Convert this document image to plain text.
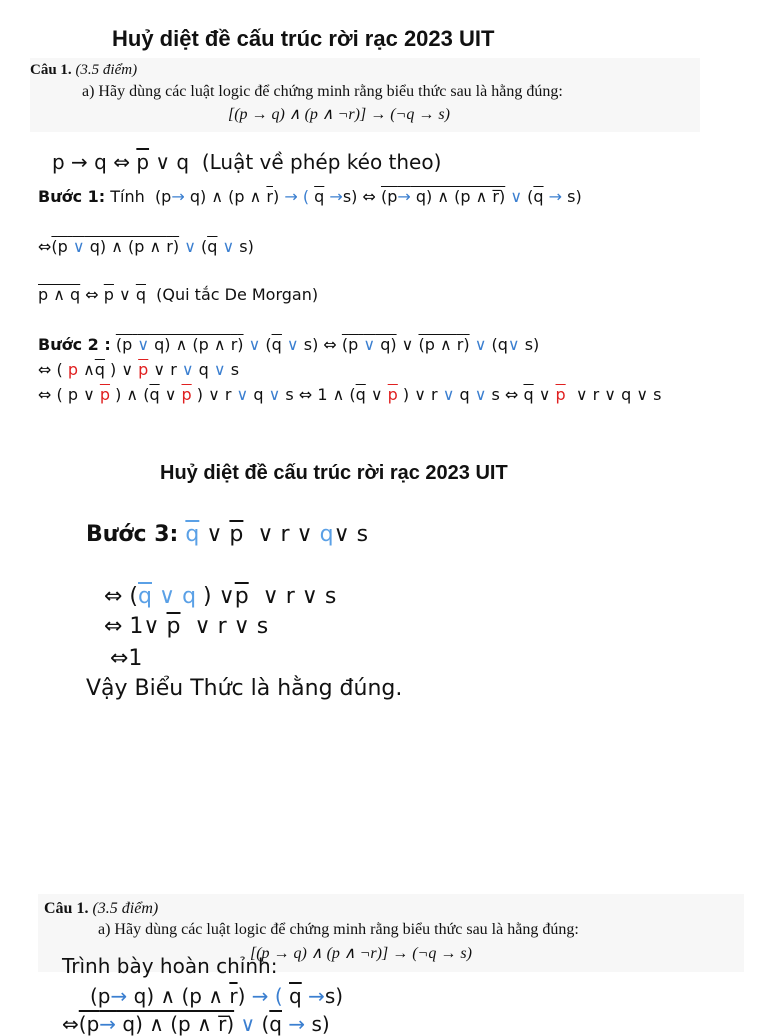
Huỷ diệt đề cấu trúc rời rạc 2023 UIT
Câu 1. (3.5 điểm)
a) Hãy dùng các luật logic để chứng minh rằng biểu thức sau là hằng đúng:
[(p → q) ∧ (p ∧ ¬r)] → (¬q → s)
p → q ⇔ $\overline{p}$ ∨ q  (Luật về phép kéo theo)
Bước 1: Tính  (p→ q) ∧ (p ∧ $\overline{r}$) → ( $\overline{q} \to s$) ⇔ (p→ q) ∧ (p ∧ r̅) ∨ $(\overline{q} \to s)$
⇔(p ∨ q) ∧ (p ∧ r) ∨ (q ∨ s)
p ∧ q ⇔ $\overline{p}$ ∨ $\overline{q}$ (Qui tắc De Morgan)
Bước 2 : (p ∨ q) ∧ (p ∧ r) ∨ (q ∨ s) ⇔ (p ∨ q) ∨ (p ∧ r) ∨ (q∨ s)
⇔ ( p $\wedge\overline{q}$ ) ∨ $\overline{p}$ ∨ r ∨ q ∨ s
⇔ ( p ∨ $\overline{p}$ ) ∧ ($\overline{q}$ ∨ $\overline{p}$ ) ∨ r ∨ q ∨ s ⇔ 1 ∧ ($\overline{q}$ ∨ $\overline{p}$ ) ∨ r ∨ q ∨ s ⇔ $\overline{q}$ ∨ $\overline{p}$  ∨ r ∨ q ∨ s
Huỷ diệt đề cấu trúc rời rạc 2023 UIT
Bước 3: $\overline{q}$ ∨ $\overline{p}$  ∨ r ∨ q∨ s
⇔ ($\overline{q}$ ∨ q ) $\vee\overline{p}$  ∨ r ∨ s
⇔ 1∨ $\overline{p}$  ∨ r ∨ s
⇔1
Vậy Biểu Thức là hằng đúng.
Câu 1. (3.5 điểm)
a) Hãy dùng các luật logic để chứng minh rằng biểu thức sau là hằng đúng:
[(p → q) ∧ (p ∧ ¬r)] → (¬q → s)
Trình bày hoàn chỉnh:
(p→ q) ∧ (p ∧ $\overline{r}$) → ( $\overline{q} \to s$)
⇔(p→ q) ∧ (p ∧ r̅) ∨ $(\overline{q} \to s)$
